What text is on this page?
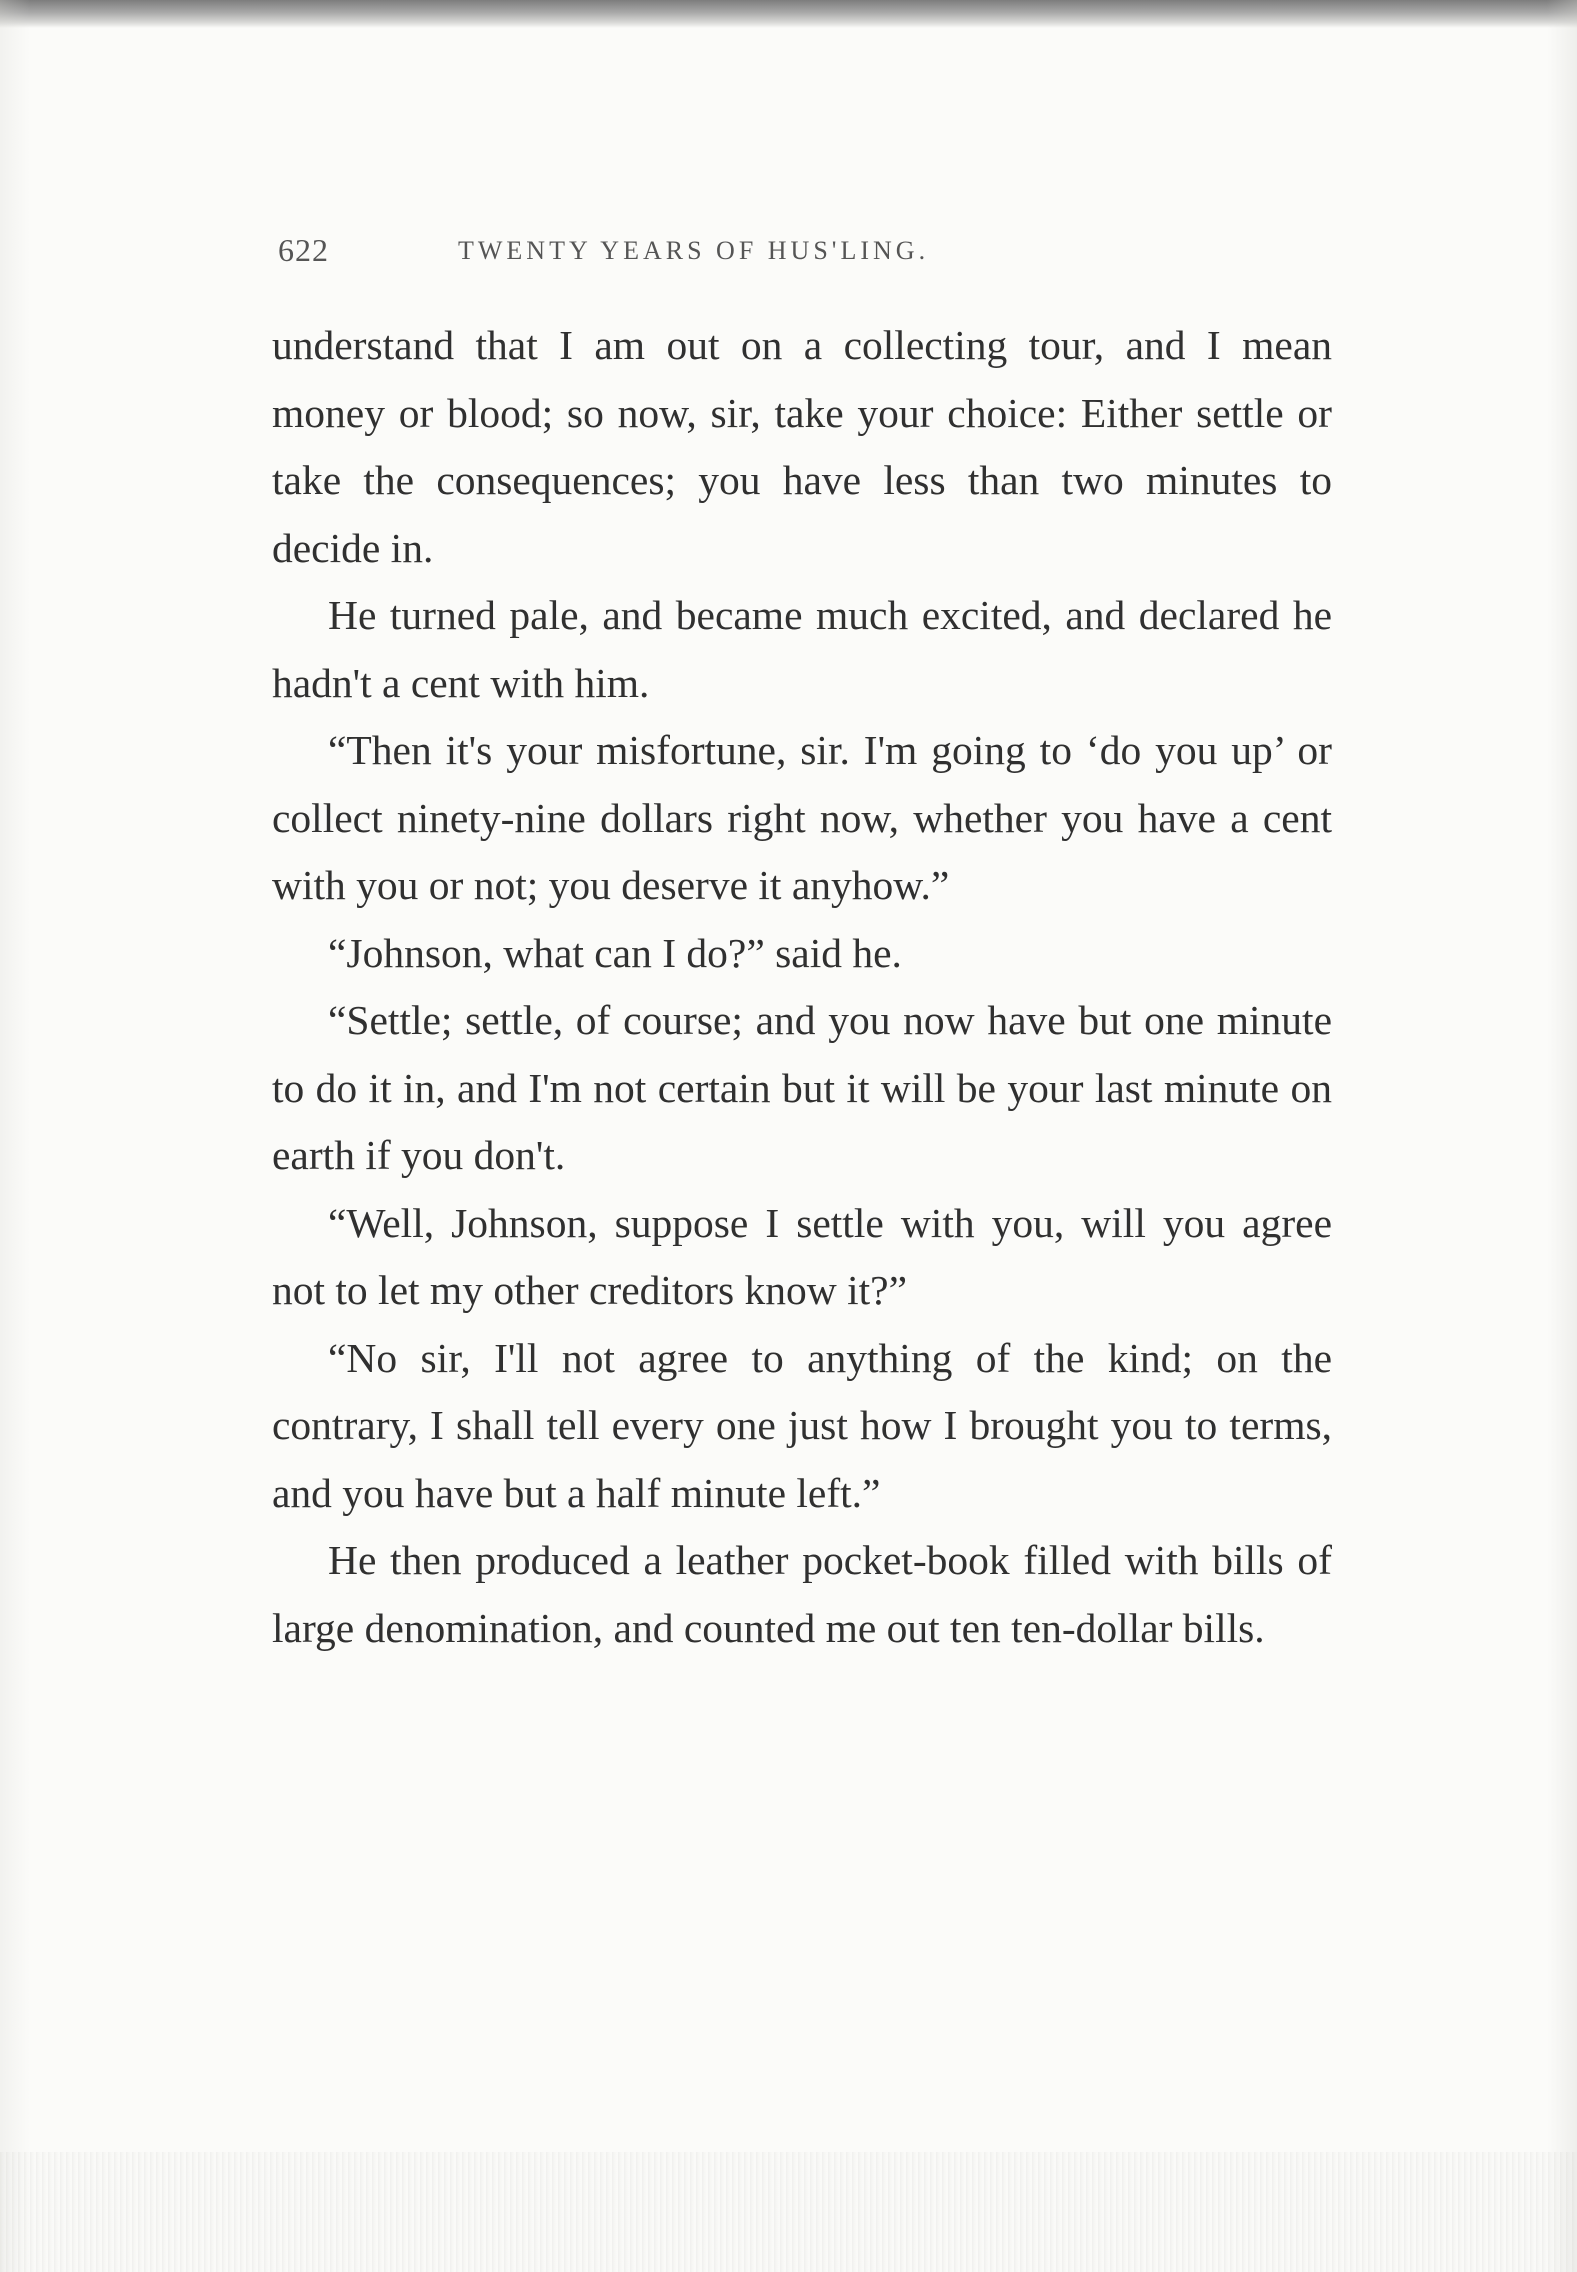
622	TWENTY YEARS OF HUS'LING.

understand that I am out on a collecting tour, and I mean money or blood; so now, sir, take your choice: Either settle or take the consequences; you have less than two minutes to decide in.

He turned pale, and became much excited, and declared he hadn't a cent with him.

“Then it's your misfortune, sir. I'm going to ‘do you up’ or collect ninety-nine dollars right now, whether you have a cent with you or not; you deserve it anyhow.”

“Johnson, what can I do?” said he.

“Settle; settle, of course; and you now have but one minute to do it in, and I'm not certain but it will be your last minute on earth if you don't.

“Well, Johnson, suppose I settle with you, will you agree not to let my other creditors know it?”

“No sir, I'll not agree to anything of the kind; on the contrary, I shall tell every one just how I brought you to terms, and you have but a half minute left.”

He then produced a leather pocket-book filled with bills of large denomination, and counted me out ten ten-dollar bills.
